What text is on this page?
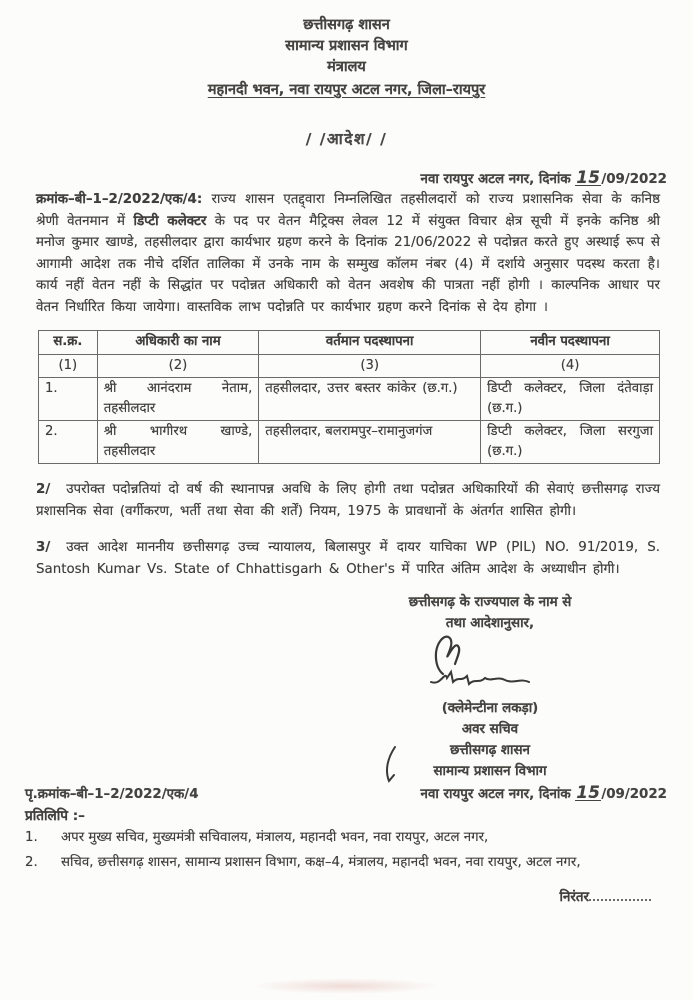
छत्तीसगढ़ शासन
सामान्य प्रशासन विभाग
मंत्रालय
महानदी भवन, नवा रायपुर अटल नगर, जिला–रायपुर
/ /आदेश/ /
नवा रायपुर अटल नगर, दिनांक 15/09/2022
क्रमांक–बी–1–2/2022/एक/4: राज्य शासन एतद्द्वारा निम्नलिखित तहसीलदारों को राज्य प्रशासनिक सेवा के कनिष्ठ श्रेणी वेतनमान में डिप्टी कलेक्टर के पद पर वेतन मैट्रिक्स लेवल 12 में संयुक्त विचार क्षेत्र सूची में इनके कनिष्ठ श्री मनोज कुमार खाण्डे, तहसीलदार द्वारा कार्यभार ग्रहण करने के दिनांक 21/06/2022 से पदोन्नत करते हुए अस्थाई रूप से आगामी आदेश तक नीचे दर्शित तालिका में उनके नाम के सम्मुख कॉलम नंबर (4) में दर्शाये अनुसार पदस्थ करता है। कार्य नहीं वेतन नहीं के सिद्धांत पर पदोन्नत अधिकारी को वेतन अवशेष की पात्रता नहीं होगी । काल्पनिक आधार पर वेतन निर्धारित किया जायेगा। वास्तविक लाभ पदोन्नति पर कार्यभार ग्रहण करने दिनांक से देय होगा ।
स.क्र.	अधिकारी का नाम	वर्तमान पदस्थापना	नवीन पदस्थापना
(1)	(2)	(3)	(4)
1.	श्री आनंदराम नेताम, तहसीलदार	तहसीलदार, उत्तर बस्तर कांकेर (छ.ग.)	डिप्टी कलेक्टर, जिला दंतेवाड़ा (छ.ग.)
2.	श्री भागीरथ खाण्डे, तहसीलदार	तहसीलदार, बलरामपुर–रामानुजगंज	डिप्टी कलेक्टर, जिला सरगुजा (छ.ग.)
2/ उपरोक्त पदोन्नतियां दो वर्ष की स्थानापन्न अवधि के लिए होगी तथा पदोन्नत अधिकारियों की सेवाएं छत्तीसगढ़ राज्य प्रशासनिक सेवा (वर्गीकरण, भर्ती तथा सेवा की शर्तें) नियम, 1975 के प्रावधानों के अंतर्गत शासित होगी।
3/ उक्त आदेश माननीय छत्तीसगढ़ उच्च न्यायालय, बिलासपुर में दायर याचिका WP (PIL) NO. 91/2019, S. Santosh Kumar Vs. State of Chhattisgarh & Other's में पारित अंतिम आदेश के अध्याधीन होगी।
छत्तीसगढ़ के राज्यपाल के नाम से
तथा आदेशानुसार,
(क्लेमेन्टीना लकड़ा)
अवर सचिव
छत्तीसगढ़ शासन
सामान्य प्रशासन विभाग
पृ.क्रमांक–बी–1–2/2022/एक/4	नवा रायपुर अटल नगर, दिनांक 15/09/2022
प्रतिलिपि :–
1.	अपर मुख्य सचिव, मुख्यमंत्री सचिवालय, मंत्रालय, महानदी भवन, नवा रायपुर, अटल नगर,
2.	सचिव, छत्तीसगढ़ शासन, सामान्य प्रशासन विभाग, कक्ष–4, मंत्रालय, महानदी भवन, नवा रायपुर, अटल नगर,
निरंतर
